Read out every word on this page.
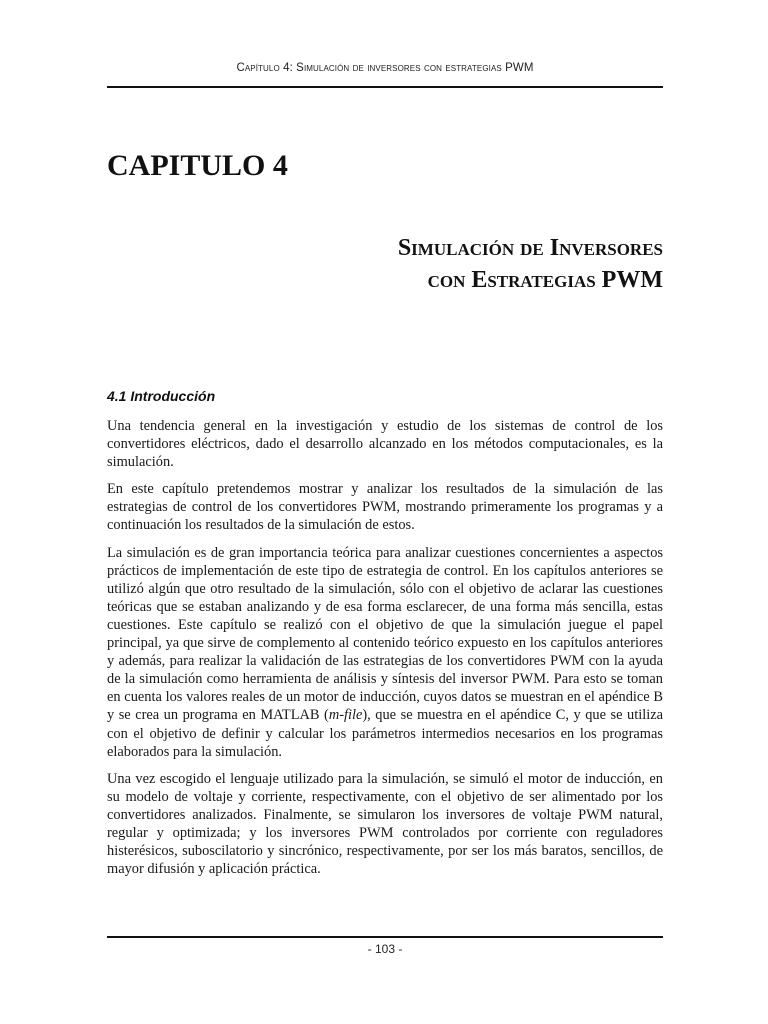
Capítulo 4: Simulación de inversores con estrategias PWM
CAPITULO 4
Simulación de Inversores
con Estrategias PWM
4.1 Introducción

Una tendencia general en la investigación y estudio de los sistemas de control de los convertidores eléctricos, dado el desarrollo alcanzado en los métodos computacionales, es la simulación.

En este capítulo pretendemos mostrar y analizar los resultados de la simulación de las estrategias de control de los convertidores PWM, mostrando primeramente los programas y a continuación los resultados de la simulación de estos.

La simulación es de gran importancia teórica para analizar cuestiones concernientes a aspectos prácticos de implementación de este tipo de estrategia de control. En los capítulos anteriores se utilizó algún que otro resultado de la simulación, sólo con el objetivo de aclarar las cuestiones teóricas que se estaban analizando y de esa forma esclarecer, de una forma más sencilla, estas cuestiones. Este capítulo se realizó con el objetivo de que la simulación juegue el papel principal, ya que sirve de complemento al contenido teórico expuesto en los capítulos anteriores y además, para realizar la validación de las estrategias de los convertidores PWM con la ayuda de la simulación como herramienta de análisis y síntesis del inversor PWM. Para esto se toman en cuenta los valores reales de un motor de inducción, cuyos datos se muestran en el apéndice B y se crea un programa en MATLAB (m-file), que se muestra en el apéndice C, y que se utiliza con el objetivo de definir y calcular los parámetros intermedios necesarios en los programas elaborados para la simulación.

Una vez escogido el lenguaje utilizado para la simulación, se simuló el motor de inducción, en su modelo de voltaje y corriente, respectivamente, con el objetivo de ser alimentado por los convertidores analizados. Finalmente, se simularon los inversores de voltaje PWM natural, regular y optimizada; y los inversores PWM controlados por corriente con reguladores histerésicos, suboscilatorio y sincrónico, respectivamente, por ser los más baratos, sencillos, de mayor difusión y aplicación práctica.

- 103 -
